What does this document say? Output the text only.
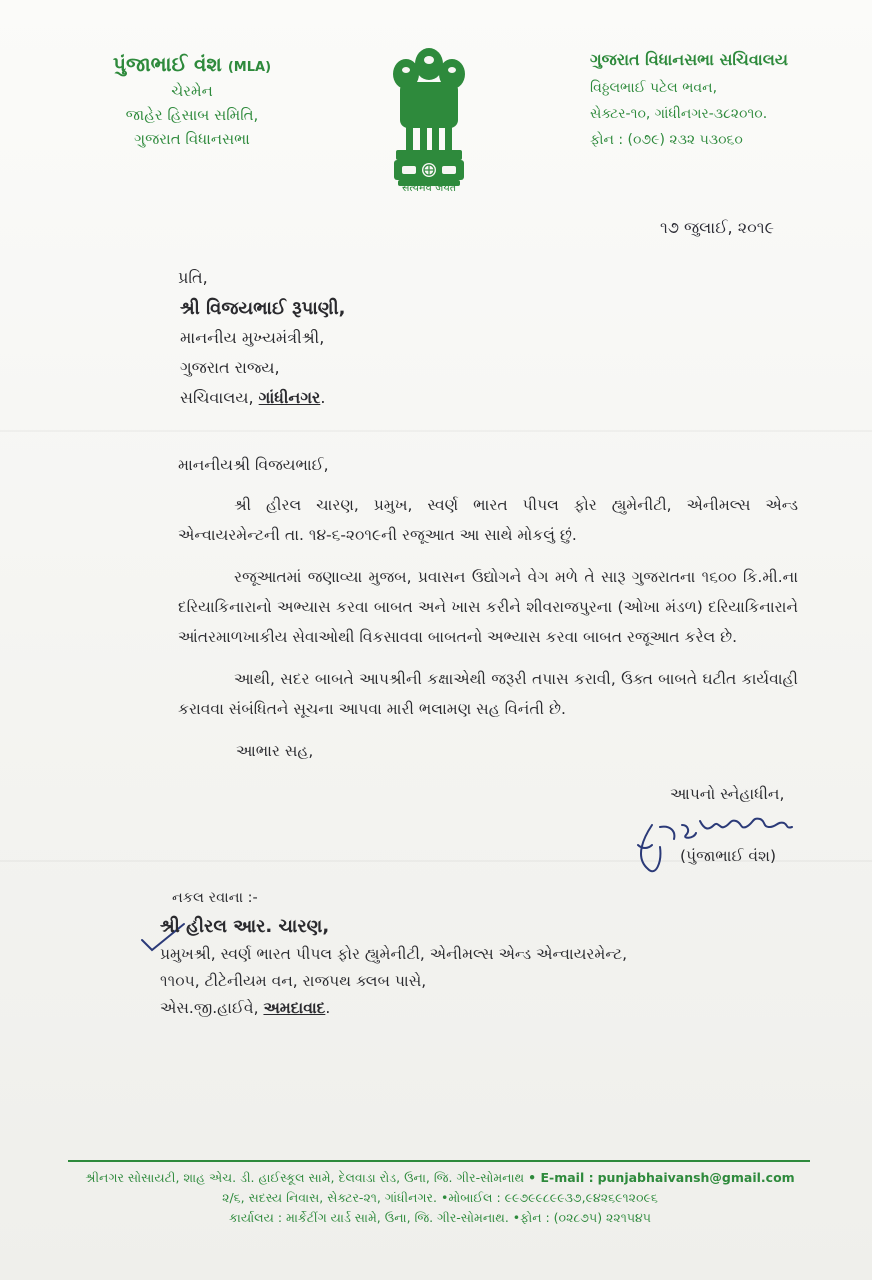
પુંજાભાઈ વંશ (MLA)
ચેરમેન
જાહેર હિસાબ સમિતિ,
ગુજરાત વિધાનસભા
सत्यमेव जयते
ગુજરાત વિધાનસભા સચિવાલય
વિઠ્ઠલભાઈ પટેલ ભવન,
સેક્ટર-૧૦, ગાંધીનગર-૩૮૨૦૧૦.
ફોન : (૦૭૯) ૨૩૨ ૫૩૦૬૦
૧૭ જુલાઈ, ૨૦૧૯
પ્રતિ,
શ્રી વિજયભાઈ રૂપાણી,
માનનીય મુખ્યમંત્રીશ્રી,
ગુજરાત રાજ્ય,
સચિવાલય, ગાંધીનગર.
માનનીયશ્રી વિજયભાઈ,

શ્રી હીરલ ચારણ, પ્રમુખ, સ્વર્ણ ભારત પીપલ ફોર હ્યુમેનીટી, એનીમલ્સ એન્ડ એન્વાયરમેન્ટની તા. ૧૪-૬-૨૦૧૯ની રજૂઆત આ સાથે મોકલું છું.

રજૂઆતમાં જણાવ્યા મુજબ, પ્રવાસન ઉદ્યોગને વેગ મળે તે સારૂ ગુજરાતના ૧૬૦૦ કિ.મી.ના દરિયાકિનારાનો અભ્યાસ કરવા બાબત અને ખાસ કરીને શીવરાજપુરના (ઓખા મંડળ) દરિયાકિનારાને આંતરમાળખાકીય સેવાઓથી વિકસાવવા બાબતનો અભ્યાસ કરવા બાબત રજૂઆત કરેલ છે.

આથી, સદર બાબતે આપશ્રીની કક્ષાએથી જરૂરી તપાસ કરાવી, ઉક્ત બાબતે ઘટીત કાર્યવાહી કરાવવા સંબંધિતને સૂચના આપવા મારી ભલામણ સહ વિનંતી છે.

આભાર સહ,
આપનો સ્નેહાધીન,
(પુંજાભાઈ વંશ)
નકલ રવાના :-
શ્રી હીરલ આર. ચારણ,
પ્રમુખશ્રી, સ્વર્ણ ભારત પીપલ ફોર હ્યુમેનીટી, એનીમલ્સ એન્ડ એન્વાયરમેન્ટ,
૧૧૦૫, ટીટેનીયમ વન, રાજપથ ક્લબ પાસે,
એસ.જી.હાઈવે, અમદાવાદ.
શ્રીનગર સોસાયટી, શાહ એચ. ડી. હાઈસ્કૂલ સામે, દેલવાડા રોડ, ઉના, જિ. ગીર-સોમનાથ • E-mail : punjabhaivansh@gmail.com
૨/૬, સદસ્ય નિવાસ, સેક્ટર-૨૧, ગાંધીનગર. •મોબાઈલ : ૯૯૭૯૯૮૯૯૩૭,૯૪૨૬૯૧૨૦૯૬
કાર્યાલય : માર્કેટીંગ યાર્ડ સામે, ઉના, જિ. ગીર-સોમનાથ. •ફોન : (૦૨૮૭૫) ૨૨૧૫૪૫
